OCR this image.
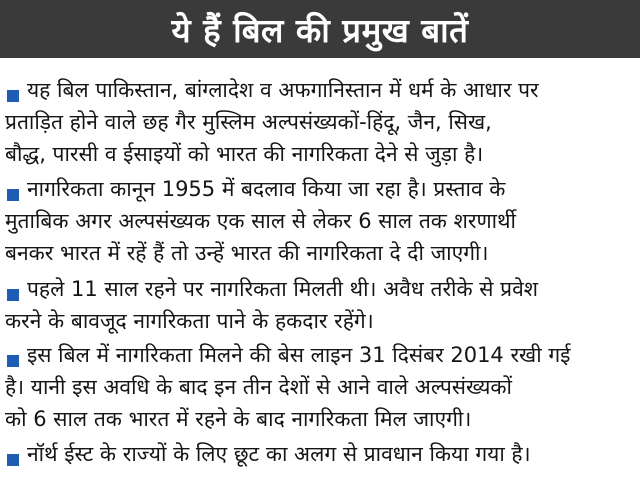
ये हैं बिल की प्रमुख बातें
यह बिल पाकिस्तान, बांग्लादेश व अफगानिस्तान में धर्म के आधार पर
प्रताड़ित होने वाले छह गैर मुस्लिम अल्पसंख्यकों-हिंदू, जैन, सिख,
बौद्ध, पारसी व ईसाइयों को भारत की नागरिकता देने से जुड़ा है।
नागरिकता कानून 1955 में बदलाव किया जा रहा है। प्रस्ताव के
मुताबिक अगर अल्पसंख्यक एक साल से लेकर 6 साल तक शरणार्थी
बनकर भारत में रहें हैं तो उन्हें भारत की नागरिकता दे दी जाएगी।
पहले 11 साल रहने पर नागरिकता मिलती थी। अवैध तरीके से प्रवेश
करने के बावजूद नागरिकता पाने के हकदार रहेंगे।
इस बिल में नागरिकता मिलने की बेस लाइन 31 दिसंबर 2014 रखी गई
है। यानी इस अवधि के बाद इन तीन देशों से आने वाले अल्पसंख्यकों
को 6 साल तक भारत में रहने के बाद नागरिकता मिल जाएगी।
नॉर्थ ईस्ट के राज्यों के लिए छूट का अलग से प्रावधान किया गया है।
